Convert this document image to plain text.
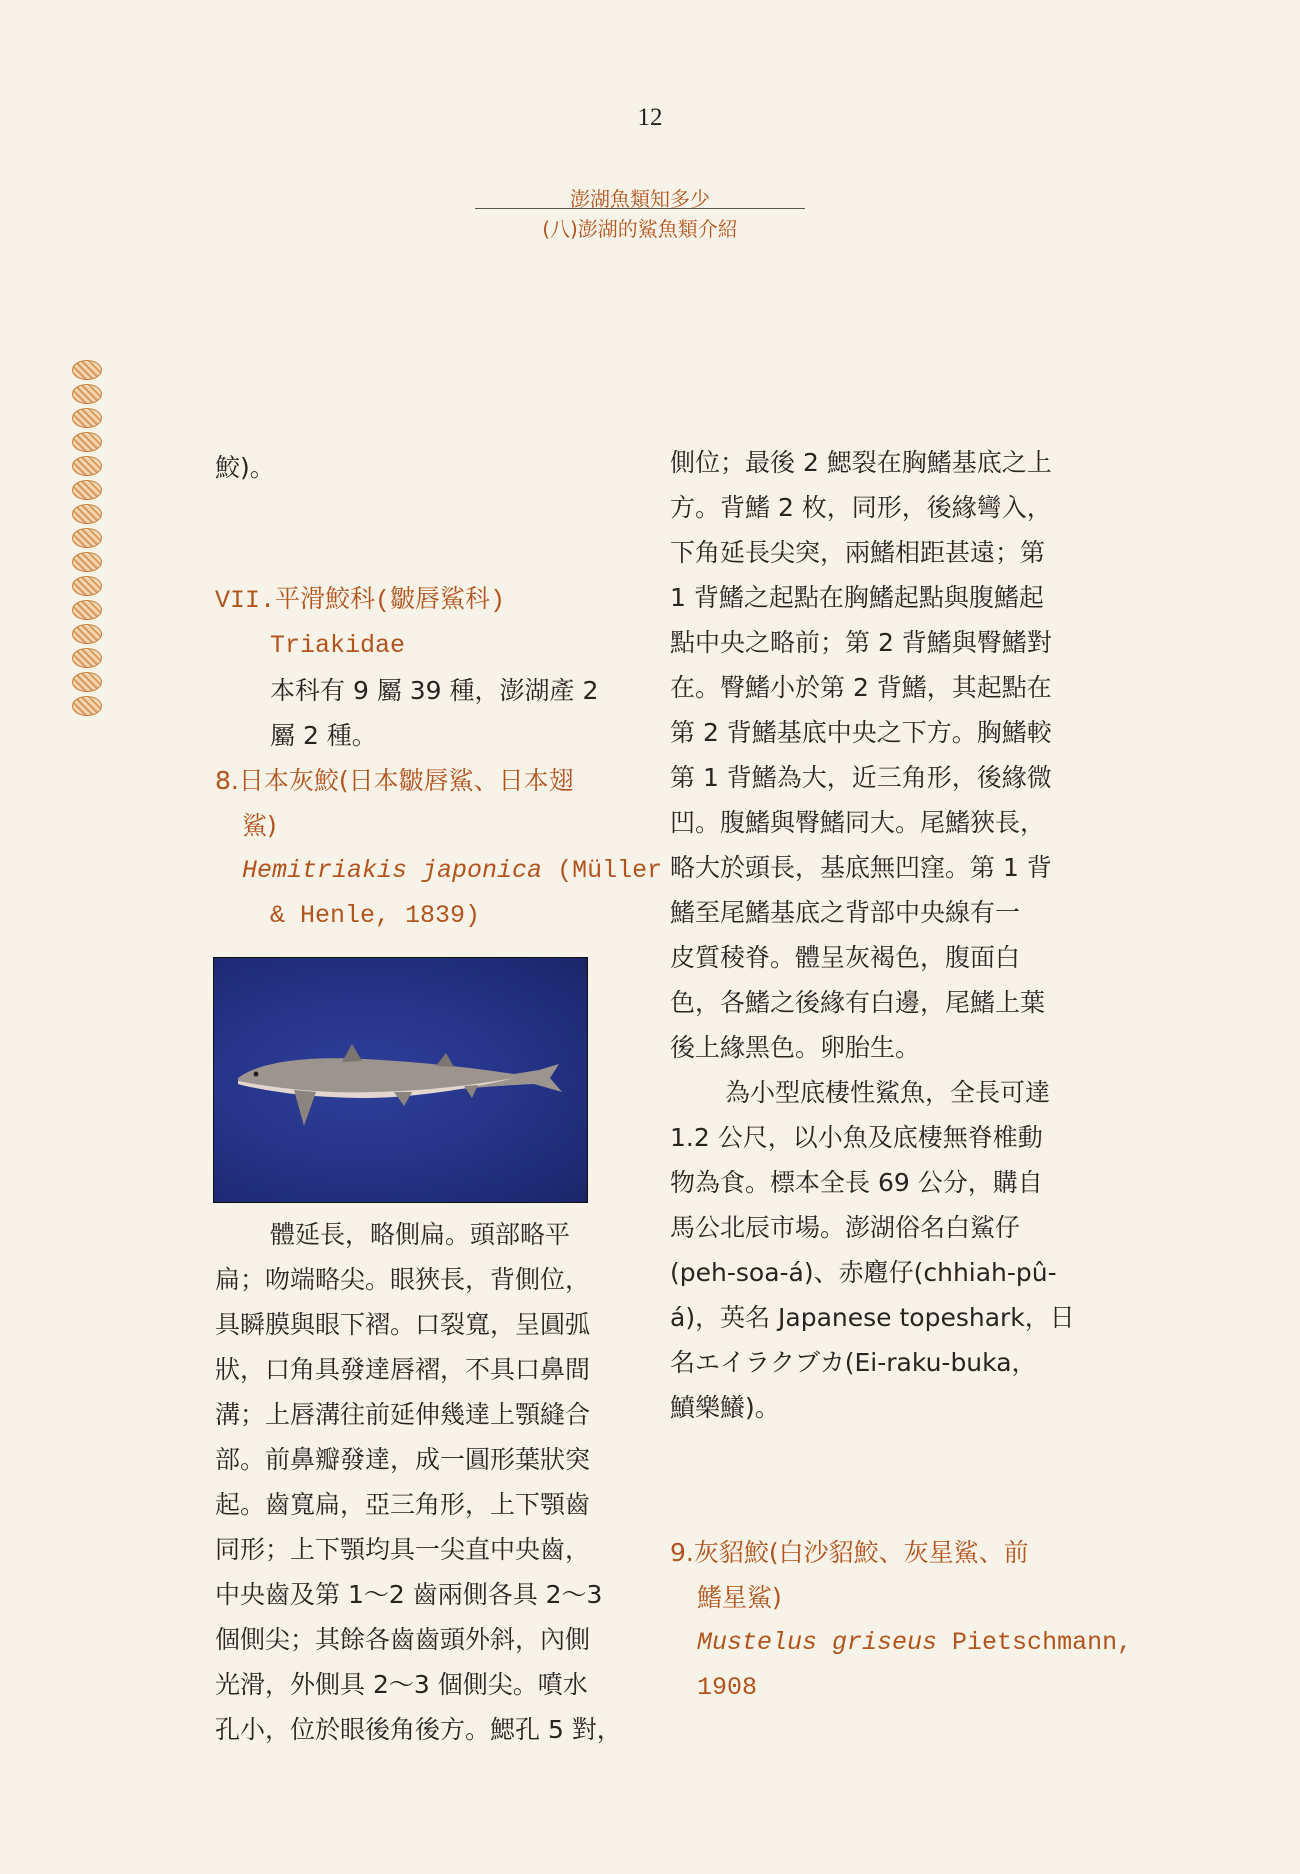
12
澎湖魚類知多少
(八)澎湖的鯊魚類介紹
鮫)。
VII.平滑鮫科(皺唇鯊科)
Triakidae
本科有 9 屬 39 種，澎湖產 2
屬 2 種。
8.日本灰鮫(日本皺唇鯊、日本翅
鯊)
Hemitriakis japonica (Müller
& Henle, 1839)
體延長，略側扁。頭部略平
扁；吻端略尖。眼狹長，背側位，
具瞬膜與眼下褶。口裂寬，呈圓弧
狀，口角具發達唇褶，不具口鼻間
溝；上唇溝往前延伸幾達上顎縫合
部。前鼻瓣發達，成一圓形葉狀突
起。齒寬扁，亞三角形，上下顎齒
同形；上下顎均具一尖直中央齒，
中央齒及第 1～2 齒兩側各具 2～3
個側尖；其餘各齒齒頭外斜，內側
光滑，外側具 2～3 個側尖。噴水
孔小，位於眼後角後方。鰓孔 5 對，
側位；最後 2 鰓裂在胸鰭基底之上
方。背鰭 2 枚，同形，後緣彎入，
下角延長尖突，兩鰭相距甚遠；第
1 背鰭之起點在胸鰭起點與腹鰭起
點中央之略前；第 2 背鰭與臀鰭對
在。臀鰭小於第 2 背鰭，其起點在
第 2 背鰭基底中央之下方。胸鰭較
第 1 背鰭為大，近三角形，後緣微
凹。腹鰭與臀鰭同大。尾鰭狹長，
略大於頭長，基底無凹窪。第 1 背
鰭至尾鰭基底之背部中央線有一
皮質稜脊。體呈灰褐色，腹面白
色，各鰭之後緣有白邊，尾鰭上葉
後上緣黑色。卵胎生。
為小型底棲性鯊魚，全長可達
1.2 公尺，以小魚及底棲無脊椎動
物為食。標本全長 69 公分，購自
馬公北辰市場。澎湖俗名白鯊仔
(peh-soa-á)、赤麅仔(chhiah-pû-
á)，英名 Japanese topeshark，日
名エイラクブカ(Ei-raku-buka，
鱝樂鱶)。
9.灰貂鮫(白沙貂鮫、灰星鯊、前
鰭星鯊)
Mustelus griseus Pietschmann,
1908
